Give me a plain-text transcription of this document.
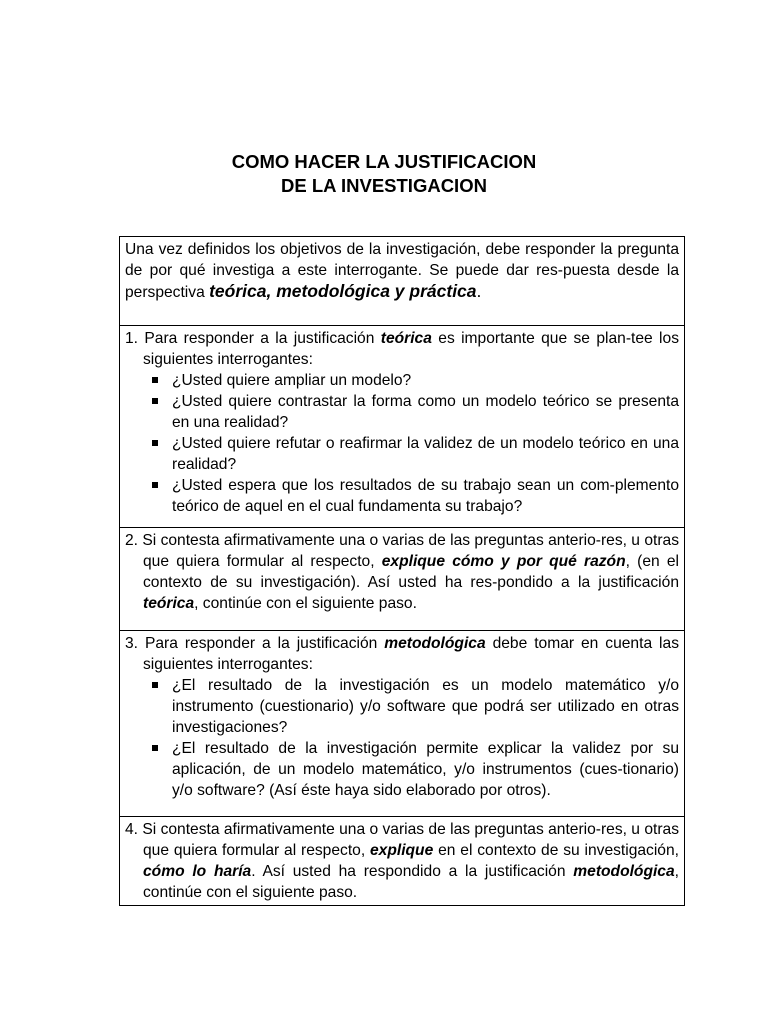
COMO HACER LA JUSTIFICACION
DE LA INVESTIGACION
Una vez definidos los objetivos de la investigación, debe responder la pregunta de por qué investiga a este interrogante. Se puede dar res-puesta desde la perspectiva teórica, metodológica y práctica.

1. Para responder a la justificación teórica es importante que se plan-tee los siguientes interrogantes:
¿Usted quiere ampliar un modelo?
¿Usted quiere contrastar la forma como un modelo teórico se presenta en una realidad?
¿Usted quiere refutar o reafirmar la validez de un modelo teórico en una realidad?
¿Usted espera que los resultados de su trabajo sean un com-plemento teórico de aquel en el cual fundamenta su trabajo?

2. Si contesta afirmativamente una o varias de las preguntas anterio-res, u otras que quiera formular al respecto, explique cómo y por qué razón, (en el contexto de su investigación). Así usted ha res-pondido a la justificación teórica, continúe con el siguiente paso.

3. Para responder a la justificación metodológica debe tomar en cuenta las siguientes interrogantes:
¿El resultado de la investigación es un modelo matemático y/o instrumento (cuestionario) y/o software que podrá ser utilizado en otras investigaciones?
¿El resultado de la investigación permite explicar la validez por su aplicación, de un modelo matemático, y/o instrumentos (cues-tionario) y/o software? (Así éste haya sido elaborado por otros).

4. Si contesta afirmativamente una o varias de las preguntas anterio-res, u otras que quiera formular al respecto, explique en el contexto de su investigación, cómo lo haría. Así usted ha respondido a la justificación metodológica, continúe con el siguiente paso.
